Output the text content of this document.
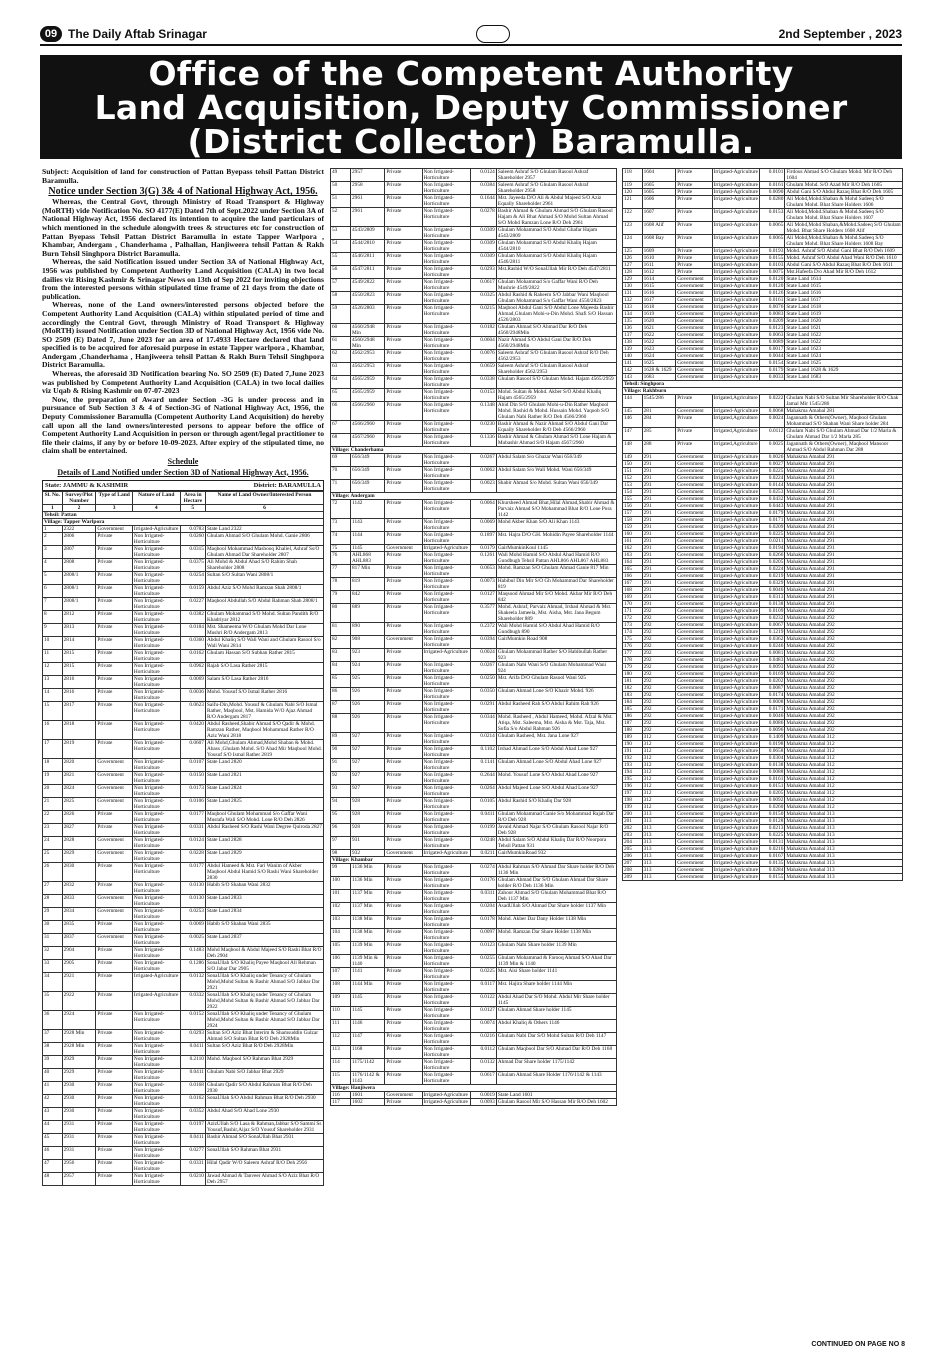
09 The Daily Aftab Srinagar	2nd September , 2023
Office of the Competent Authority
Land Acquisition, Deputy Commissioner
(District Collector) Baramulla.
Subject: Acquisition of land for construction of Pattan Byepass tehsil Pattan District Baramulla.
Notice under Section 3(G) 3& 4 of National Highway Act, 1956.

Whereas, the Central Govt, through Ministry of Road Transport & Highway (MoRTH) vide Notification No. SO 4177(E) Dated 7th of Sept.2022 under Section 3A of National Highway Act, 1956 declared its intention to acquire the land particulars of which mentioned in the schedule alongwith trees & structures etc for construction of Pattan Byepass Tehsil Pattan District Baramulla in estate Tapper Warlpora , Khambar, Andergam , Chanderhama , Palhallan, Hanjiweera tehsil Pattan & Rakh Burn Tehsil Singhpora District Baramulla.

Whereas, the said Notification issued under Section 3A of National Highway Act, 1956 was published by Competent Authority Land Acquisition (CALA) in two local dailies viz Rising Kashmir & Srinagar News on 13th of Sep 2022 for inviting objections from the interested persons within stipulated time frame of 21 days from the date of publication.

Whereas, none of the Land owners/interested persons objected before the Competent Authority Land Acquisition (CALA) within stipulated period of time and accordingly the Central Govt, through Ministry of Road Transport & Highway (MoRTH) issued Notification under Section 3D of National Highway Act, 1956 vide No. SO 2509 (E) Dated 7, June 2023 for an area of 17.4933 Hectare declared that land specified is to be acquired for aforesaid purpose in estate Tapper warlpora , Khambar, Andergam ,Chanderhama , Hanjiweera tehsil Pattan & Rakh Burn Tehsil Singhpora District Baramulla.

Whereas, the aforesaid 3D Notification bearing No. SO 2509 (E) Dated 7,June 2023 was published by Competent Authority Land Acquisition (CALA) in two local dailies viz Uqab & Rising Kashmir on 07-07-2023

Now, the preparation of Award under Section -3G is under process and in pursuance of Sub Section 3 & 4 of Section-3G of National Highway Act, 1956, the Deputy Commissioner Baramulla (Competent Authority Land Acquisition) do hereby call upon all the land owners/interested persons to appear before the office of Competent Authority Land Acquisition in person or through agent/legal practitioner to file their claims, if any by or before 10-09-2023. After expiry of the stipulated time, no claim shall be entertained.

Schedule
Details of Land Notified under Section 3D of National Highway Act, 1956.
State: JAMMU & KASHMIR	District: BARAMULLA
Sl. No.	Survey/Plot Number	Type of Land	Nature of Land	Area in Hectare	Name of Land Owner/Interested Person
1	2	3	4	5	6
Tehsil: Pattan					
Village: Tapper Warlpora					
1	2322	Government	Irrigated-Agriculture	0.0783	State Land 2322
2	2806	Private	Non Irrigated-Horticulture	0.0260	Ghulam Ahmad S/O Ghulam Mohd. Ganie 2806
3	2807	Private	Non Irrigated-Horticulture	0.0315	Maqbool Mohammad Mashooq Khaliel, Ashraf Ss/O Ghulam Ahmad Dar Shareholder 2807
4	2808	Private	Non Irrigated-Horticulture	0.0375	Ali Mohd & Abdul Ahad S/O Rahim Shah Shareholder 2808
5	2808/1	Private	Non Irrigated-Horticulture	0.0254	Sultan S/O Sultan Wani 2808/1
6	2808/1	Private	Non Irrigated-Horticulture	0.0159	Abdul Aziz S/O Mohd Ramzan Shah 2808/1
7	2808/1	Private	Non Irrigated-Horticulture	0.0227	Maqbool Abdullah S/O Abdul Rahman Shah 2808/1
8	2812	Private	Non Irrigated-Horticulture	0.0382	Ghulam Mohammad S/O Mohd. Sultan Pandith R/O Khadriyar 2812
9	2813	Private	Non Irrigated-Horticulture	0.0184	Mst. Shameema W/O Ghulam Mohd Dar Lone Mushri R/O Andergam 2813
10	2814	Private	Non Irrigated-Horticulture	0.0360	Abdul Khaliq S/O Wali Wani and Ghulam Rasool S/o Wali Wani 2814
11	2815	Private	Non Irrigated-Horticulture	0.0162	Ghulam Hassan S/O Subhan Rather 2815
12	2815	Private	Non Irrigated-Horticulture	0.0962	Rajab S/O Lasa Rather 2815
13	2816	Private	Non Irrigated-Horticulture	0.0069	Salam S/O Lasa Rather 2816
14	2816	Private	Non Irrigated-Horticulture	0.0036	Mohd. Yousuf S/O Ismal Rather 2816
15	2817	Private	Non Irrigated-Horticulture	0.0623	Saifu-Din,Mohd. Yousuf & Ghulam Nabi S/O Ismal Rather, Maqbool, Mst. Hamida W/O Ajaz Ahmad R/O Andergam 2817
16	2818	Private	Non Irrigated-Horticulture	0.0420	Abdul Rasheed,Shabir Ahmad S/O Qadir & Mohd. Ramzan Rather, Maqbool Mohammad Rather R/O Aziz Wani 2818
17	2819	Private	Non Irrigated-Horticulture	0.0607	Ali Mohd,Ghulam Ahmad,Mohd Shaban & Mohd. Abass ,Ghulam Mohd. S/O Ahad Mir Maqbool Mohd. Yousuf S/O Ismal Rather 2819
18	2820	Government	Non Irrigated-Horticulture	0.0107	State Land 2820
19	2821	Government	Non Irrigated-Horticulture	0.0150	State Land 2821
20	2824	Government	Non Irrigated-Horticulture	0.0173	State Land 2824
21	2825	Government	Non Irrigated-Horticulture	0.0106	State Land 2825
22	2826	Private	Non Irrigated-Horticulture	0.0177	Maqbool Ghulam Mohammad S/o Gaffar Wani Mustafa Wali S/O Mohd. Lone R/O Deh 2826
23	2827	Private	Non Irrigated-Horticulture	0.0331	Abdul Rasheed S/O Rashi Wani Degree Quiroda 2827
24	2828	Government	Non Irrigated-Horticulture	0.0124	State Land 2828
25	2829	Government	Non Irrigated-Horticulture	0.0228	State Land 2829
26	2830	Private	Non Irrigated-Horticulture	0.0177	Abdul Hameed & Mst. Fari Wanim of Akber Maqbool Abdul Hamid S/O Rashi Wani Shareholder 2830
27	2832	Private	Non Irrigated-Horticulture	0.0130	Habib S/O Shaban Wani 2832
28	2833	Government	Non Irrigated-Horticulture	0.0130	State Land 2833
29	2834	Government	Non Irrigated-Horticulture	0.0253	State Land 2834
30	2835	Private	Non Irrigated-Horticulture	0.0069	Habib S/O Shaban Wani 2835
31	2837	Government	Non Irrigated-Horticulture	0.0025	State Land 2837
32	2904	Private	Non Irrigated-Horticulture	0.1483	Mohd Maqbool & Abdul Majeed S/O Rashi Bhat R/O Deh 2904
33	2905	Private	Non Irrigated-Horticulture	0.1286	SonaUllah S/O Khaliq Payee Maqbool Ali Rehman S/O Jabar Dar 2905
34	2921	Private	Irrigated-Agriculture	0.0132	SonaUllah S/O Khaliq under Tenancy of Ghulam Mohd,Mohd Sultan & Bashir Ahmad S/O Jabbar Dar 2921
35	2922	Private	Irrigated-Agriculture	0.0332	SonaUllah S/O Khaliq under Tenancy of Ghulam Mohd,Mohd Sultan & Bashir Ahmad S/O Jabbar Dar 2922
36	2924	Private	Non Irrigated-Horticulture	0.0152	SonaUllah S/O Khaliq under Tenancy of Ghulam Mohd,Mohd Sultan & Bashir Ahmad S/O Jabbar Dar 2924
37	2928 Min	Private	Non Irrigated-Horticulture	0.0293	Sultan S/O Aziz Bhat Interim & Shamsuddin Gulzar Ahmad S/O Sultan Bhat R/O Deh 2928Min
38	2928 Min	Private	Non Irrigated-Horticulture	0.0411	Sultan S/O Aziz Bhat R/O Deh 2928Min
39	2929	Private	Non Irrigated-Horticulture	0.2110	Mohd. Maqbool S/O Rahman Bhat 2929
40	2929	Private	Non Irrigated-Horticulture	0.0411	Ghulam Nabi S/O Jabbar Bhat 2929
41	2930	Private	Non Irrigated-Horticulture	0.0168	Ghulam Qadir S/O Abdul Rahman Bhat R/O Deh 2930
42	2930	Private	Non Irrigated-Horticulture	0.0162	SonaUllah S/O Abdul Rahman Bhat R/O Deh 2930
43	2930	Private	Non Irrigated-Horticulture	0.0352	Abdul Ahad S/O Ahad Lone 2930
44	2931	Private	Non Irrigated-Horticulture	0.0197	AzizUllah S/O Lasa & Rahman,Jabbar S/O Sammi Ss Yousuf,Bashir,Aijaz S/O Yousuf Shareholder 2931
45	2931	Private	Non Irrigated-Horticulture	0.0411	Bashir Ahmad S/O SonaUllah Bhat 2931
46	2931	Private	Non Irrigated-Horticulture	0.0277	SonaUllah S/O Rahman Bhat 2931
47	2956	Private	Non Irrigated-Horticulture	0.0331	Hilal Qadir W/O Saleem Ashraf R/O Deh 2956
48	2957	Private	Non Irrigated-Horticulture	0.0210	Jawad Ahmad & Tanveer Ahmad S/O Aziz Bhat R/O Deh 2957
49	2957	Private	Non Irrigated-Horticulture	0.0124	Saleem Ashraf S/O Ghulam Rasool Ashraf Shareholder 2957
50	2958	Private	Non Irrigated-Horticulture	0.0384	Saleem Ashraf S/O Ghulam Rasool Ashraf Shareholder 2958
51	2961	Private	Non Irrigated-Horticulture	0.1644	Mst. Jayeeda D/O Ali & Abdul Majeed S/O Aziz Equally Shareholder 2961
52	2961	Private	Non Irrigated-Horticulture	0.0278	Bashir Ahmad & Ghulam Ahmad S/O Ghulam Rasool Hajam & Ali Bhat Ahmad S/O Mohd Sultan Ahmad S/O Mohd Ramzan Lone R/O Deh 2961
53	4543/2809	Private	Non Irrigated-Horticulture	0.0309	Ghulam Mohammad S/O Abdul Ghafar Hajam 4543/2809
54	4544/2810	Private	Non Irrigated-Horticulture	0.0309	Ghulam Mohammad S/O Abdul Khaliq Hajam 4544/2810
55	4546/2811	Private	Non Irrigated-Horticulture	0.0309	Ghulam Mohammad S/O Abdul Khaliq Hajam 4546/2811
56	4547/2811	Private	Non Irrigated-Horticulture	0.0293	Mst.Rashid W/O SonaUllah Mir R/O Deh 4547/2811
57	4549/2822	Private	Non Irrigated-Horticulture	0.0617	Ghulam Mohammad S/o Gaffar Wani R/O Deh Mushrie 4549/2822
58	4550/2823	Private	Non Irrigated-Horticulture	0.0325	Abdul Rashid & Raheem S/O Jabbar Wani Maqbool Ghulam Mohammad S/o Gaffar Wani 4550/2823
59	4526/2803	Private	Non Irrigated-Horticulture	0.0215	Maqbool Abdul Gani S/O Abdul Lone Majeeda Bashir Ahmad,Ghulam Mohi-u-Din Mohd. Shafi S/O Hassan 4526/2803
60	4560/2948 Min	Private	Non Irrigated-Horticulture	0.0182	Ghulam Ahmad S/O Ahmad Dar R/O Deh 4560/2948Min
61	4560/2948 Min	Private	Non Irrigated-Horticulture	0.0604	Nazir Ahmad S/O Abdul Gani Dar R/O Deh 4560/2948Min
62	4562/2953	Private	Non Irrigated-Horticulture	0.0076	Saleem Ashraf S/O Ghulam Rasool Ashraf R/O Deh 4562/2953
63	4562/2953	Private	Non Irrigated-Horticulture	0.0659	Saleem Ashraf S/O Ghulam Rasool Ashraf Shareholder 4562/2953
64	4565/2959	Private	Non Irrigated-Horticulture	0.0338	Ghulam Rasool S/O Ghulam Mohd. Hajam 4565/2959
65	4565/2959	Private	Non Irrigated-Horticulture	0.0153	Mohd. Sultan & Mohd. Akber S/O Abdul Khaliq Hajam 4565/2959
66	4566/2960	Private	Non Irrigated-Horticulture	0.1348	Abid Din S/O Ghulam Mohi-u-Din Rather Maqbool Mohd. Rashid & Mohd. Hussain Mohd. Yaqoob S/O Ghulam Nabi Rather R/O Deh 4566/2960
67	4566/2960	Private	Non Irrigated-Horticulture	0.0230	Bashir Ahmad & Nazir Ahmad S/O Abdul Gani Dar Equally Shareholder R/O Deh 4566/2960
68	4567/2960	Private	Non Irrigated-Horticulture	0.1336	Bashir Ahmad & Ghulam Ahmad S/O Lone Hajam & Mubashir Ahmad S/O Hajam 4567/2960
Village: Chanderhama					
69	656/349	Private	Non Irrigated-Horticulture	0.0267	Abdul Salam S/o Ghazar Wani 656/349
70	656/349	Private	Non Irrigated-Horticulture	0.0062	Abdul Salam S/o Wali Mohd. Wani 656/349
71	656/349	Private	Non Irrigated-Horticulture	0.0023	Shabir Ahmad S/o Mohd. Sultan Wani 656/349
Village: Andergam					
72	1142	Private	Non Irrigated-Horticulture	0.0064	Khursheed Ahmad Bhat,Hilal Ahmad,Shabir Ahmad & Parvaiz Ahmad S/O Mohammad Bhat R/O Lone Pora 1142
73	1143	Private	Non Irrigated-Horticulture	0.0069	Mohd Akber Khan S/O Ali Khan 1143
74	1144	Private	Non Irrigated-Horticulture	0.1897	Mst. Hajra D/O GH. Mohidin Payee Shareholder 1144
75	1145	Government	Irrigated-Agriculture	0.0179	GairMumkinKoul 1145
76	AHL868 AHL883	Private	Non Irrigated-Horticulture	0.1261	Wali Mohd Hamid S/O Abdul Ahad Hamid R/O Gundbugh Tehsil Pattan AHL866 AHL867 AHL883
77	817 Min	Private	Non Irrigated-Horticulture	0.0653	Mohd. Ramzan S/O Ghulam Ahmad Ganie 817 Min
78	819	Private	Non Irrigated-Horticulture	0.0073	Habibul Din Mir S/O Gh Mohammad Dar Shareholder 819
79	842	Private	Non Irrigated-Horticulture	0.0127	Maqsood Ahmad Mir S/O Mohd. Akbar Mir R/O Deh 842
80	889	Private	Non Irrigated-Horticulture	0.3577	Mohd. Ashraf, Parvaiz Ahmad, Irshad Ahmad & Mst. Shakeela Jameela, Mst. Aisha, Mst. Jana Begum Shareholder 889
81	890	Private	Non Irrigated-Horticulture	0.2372	Wali Mohd Hamid S/O Abdul Ahad Hamid R/O Gundbugh 890
82	908	Government	Non Irrigated-Horticulture	0.0394	GairMumkin Road 908
83	923	Private	Irrigated-Agriculture	0.0024	Ghulam Mohammad Rather S/O Habibullah Rather 923
84	924	Private	Non Irrigated-Horticulture	0.0267	Ghulam Nabi Wani S/O Ghulam Mohammad Wani 924
85	925	Private	Non Irrigated-Horticulture	0.0250	Mst. Arifa D/O Ghulam Rasool Wani 925
86	926	Private	Non Irrigated-Horticulture	0.0350	Ghulam Ahmad Lone S/O Khazir Mohd. 926
87	926	Private	Non Irrigated-Horticulture	0.0291	Abdul Rasheed Rah S/O Abdul Rahim Rah 926
88	926	Private	Non Irrigated-Horticulture	0.0344	Mohd. Rasheed , Abdul Hameed, Mohd. Afzal & Mst. Atiqa, Mst. Saleema, Mst. Aisha & Mst. Taja, Mst. Sofia S/o Abdul Rahman 926
89	927	Private	Non Irrigated-Horticulture	0.0214	Ghulam Rasheed, Mst. Jana Lone 927
90	927	Private	Non Irrigated-Horticulture	0.1102	Irshad Ahmad Lone S/O Abdul Ahad Lone 927
91	927	Private	Non Irrigated-Horticulture	0.1141	Ghulam Ahmad Lone S/O Abdul Ahad Lone 927
92	927	Private	Non Irrigated-Horticulture	0.2644	Mohd. Yousuf Lone S/O Abdul Ahad Lone 927
93	927	Private	Non Irrigated-Horticulture	0.0264	Abdul Majeed Lone S/O Abdul Ahad Lone 927
94	928	Private	Non Irrigated-Horticulture	0.0105	Abdul Rashid S/O Khaliq Dar 928
95	928	Private	Non Irrigated-Horticulture	0.0411	Ghulam Mohammad Ganie S/o Mohammad Rajab Dar R/O Deh 928
96	928	Private	Non Irrigated-Horticulture	0.0199	Javaid Ahmad Najar S/O Ghulam Rasool Najar R/O Deh 928
97	931	Private	Non Irrigated-Horticulture	0.0248	Abdul Salam S/O Abdul Khaliq Dar R/O Noorpora Tehsil Pattan 931
98	932	Government	Irrigated-Agriculture	0.0211	GairMumkinRoad 932
Village: Khambar					
99	1136 Min	Private	Non Irrigated-Horticulture	0.0274	Abdul Rahman S/O Ahmad Dar Share holder R/O Deh 1136 Min
100	1136 Min	Private	Non Irrigated-Horticulture	0.0176	Ghulam Ahmad Dar S/O Ghulam Ahmad Dar Share holder R/O Deh 1136 Min
101	1137 Min	Private	Non Irrigated-Horticulture	0.0311	Zahoor Ahmad S/O Ghulam Mohammad Bhat R/O Deh 1137 Min
102	1137 Min	Private	Non Irrigated-Horticulture	0.0204	AsadUllah S/O Ahmad Dar Share holder 1137 Min
103	1138 Min	Private	Non Irrigated-Horticulture	0.0178	Mohd. Akber Dar Dany Holder 1138 Min
104	1138 Min	Private	Non Irrigated-Horticulture	0.0097	Mohd. Ramzan Dar Share Holder 1138 Min
105	1139 Min	Private	Non Irrigated-Horticulture	0.0123	Ghulam Nabi Share holder 1139 Min
106	1139 Min & 1140	Private	Non Irrigated-Horticulture	0.0255	Ghulam Mohammad & Farooq Ahmad S/O Ahad Dar 1139 Min & 1140
107	1141	Private	Non Irrigated-Horticulture	0.0225	Mst. Aisi Share holder 1141
108	1144 Min	Private	Non Irrigated-Horticulture	0.0117	Mst. Hajira Share holder 1144 Min
109	1145	Private	Non Irrigated-Horticulture	0.0122	Abdul Ahad Dar S/O Mohd. Abdul Mir Share holder 1145
110	1145	Private	Non Irrigated-Horticulture	0.0127	Ghulam Ahmad Share holder 1145
111	1146	Private	Non Irrigated-Horticulture	0.0074	Abdul Khaliq & Others 1146
112	1147	Private	Non Irrigated-Horticulture	0.0216	Ghulam Nabi Dar S/O Mohd Sultan R/O Deh 1147
113	1168	Private	Non Irrigated-Horticulture	0.0112	Ghulam Maqbool Dar S/O Ahmad Dar R/O Deh 1168
114	1175/1142	Private	Non Irrigated-Horticulture	0.0132	Ahmad Dar Share holder 1175/1142
115	1176/1142 & 1143	Private	Non Irrigated-Horticulture	0.0617	Ghulam Ahmad Share Holder 1176/1142 & 1143
Village: Hanjiwera					
116	1601	Government	Irrigated-Agriculture	0.0019	State Land 1601
117	1602	Private	Irrigated-Agriculture	0.0093	Ghulam Rasool Mir S/O Hassan Mir R/O Deh 1602
118	1604	Private	Irrigated-Agriculture	0.0101	Firdous Ahmad S/O Ghulam Mohd. Mir R/O Deh 1604
119	1605	Private	Irrigated-Agriculture	0.0161	Ghulam Mohd. S/O Azad Mir R/O Deh 1605
120	1605	Private	Irrigated-Agriculture	0.0090	Abdul Gani S/O Abdul Razaq Bhat R/O Deh 1605
121	1606	Private	Irrigated-Agriculture	0.0280	Ali Mohd,Mohd.Shaban & Mohd Sadeeq S/O Ghulam Mohd. Bhat Share Holders 1606
122	1607	Private	Irrigated-Agriculture	0.0153	Ali Mohd,Mohd.Shaban & Mohd.Sadeeq S/O Ghulam Mohd. Bhat Share Holders 1607
123	1608 Alif	Private	Irrigated-Agriculture	0.0065	Ali Mohd,Mohd Shaban,&Mohd.Sadeeq S/O Ghulam Mohd. Bhat Share Holders 1608 Alif
124	1608 Bay	Private	Irrigated-Agriculture	0.0065	Ali Mohd,Mohd.Shaban & Mohd.Sadeeq S/O Ghulam Mohd. Bhat Share Holders 1608 Bay
125	1609	Private	Irrigated-Agriculture	0.0193	Mohd. Ashraf S/O Abdul Gani Bhat R/O Deh 1609
126	1610	Private	Irrigated-Agriculture	0.0155	Mohd. Ashraf S/O Abdul Ahad Wani R/O Deh 1610
127	1611	Private	Irrigated-Agriculture	0.0103	Abdul Gani S/O Abdul Razaq Bhat R/O Deh 1611
128	1612	Private	Irrigated-Agriculture	0.0075	Mst.Hafeefa D/o Ahad Mir R/O Deh 1612
129	1614	Government	Irrigated-Agriculture	0.0120	State Land 1614
130	1615	Government	Irrigated-Agriculture	0.0120	State Land 1615
131	1616	Government	Irrigated-Agriculture	0.0126	State Land 1616
132	1617	Government	Irrigated-Agriculture	0.0161	State Land 1617
133	1618	Government	Irrigated-Agriculture	0.0076	State Land 1618
134	1619	Government	Irrigated-Agriculture	0.0083	State Land 1619
135	1620	Government	Irrigated-Agriculture	0.0209	State Land 1620
136	1621	Government	Irrigated-Agriculture	0.0123	State Land 1621
137	1622	Government	Irrigated-Agriculture	0.0063	State Land 1622
138	1622	Government	Irrigated-Agriculture	0.0089	State Land 1622
139	1623	Government	Irrigated-Agriculture	0.0017	State Land 1623
140	1624	Government	Irrigated-Agriculture	0.0044	State Land 1624
141	1625	Government	Irrigated-Agriculture	0.0154	State Land 1625
142	1628 & 1629	Government	Irrigated-Agriculture	0.0179	State Land 1628 & 1629
143	1683	Government	Irrigated-Agriculture	0.0033	State Land 1683
Tehsil: Singhpora					
Village: Rakhburn					
144	1545/286	Private	Irrigated,Agriculture	0.0222	Ghulam Nabi S/O Sultan Mir Shareholder R/O Chak Jamal Mir 1545/286
145	281	Government	Irrigated-Agriculture	0.0068	Mahakma Amabal 281
146	284	Private	Irrigated,Agriculture	0.0024	Jagannath & Others(Owner), Maqbool Ghulam Mohammad S/O Shaban Wani Share holder 284
147	285	Private	Irrigated,Agriculture	0.0112	Ghulam Nabi S/O Ghulam Ahmad Dar 1/2 Marla & Ghulam Ahmad Dar 1/2 Marla 285
148	288	Private	Irrigated,Agriculture	0.0025	Jagannath & Others(Owner), Maqbool Mansoor Ahmad S/O Abdul Rahman Dar 288
149	291	Government	Irrigated-Agriculture	0.0026	Mahakma Amabal 291
150	291	Government	Irrigated-Agriculture	0.0027	Mahakma Amabal 291
151	291	Government	Irrigated-Agriculture	0.0225	Mahakma Amabal 291
152	291	Government	Irrigated-Agriculture	0.0224	Mahakma Amabal 291
153	291	Government	Irrigated-Agriculture	0.0144	Mahakma Amabal 291
154	291	Government	Irrigated-Agriculture	0.0253	Mahakma Amabal 291
155	291	Government	Irrigated-Agriculture	0.0432	Mahakma Amabal 291
156	291	Government	Irrigated-Agriculture	0.0443	Mahakma Amabal 291
157	291	Government	Irrigated-Agriculture	0.0179	Mahakma Amabal 291
158	291	Government	Irrigated-Agriculture	0.0171	Mahakma Amabal 291
159	291	Government	Irrigated-Agriculture	0.0209	Mahakma Amabal 291
160	291	Government	Irrigated-Agriculture	0.0225	Mahakma Amabal 291
161	291	Government	Irrigated-Agriculture	0.0211	Mahakma Amabal 291
162	291	Government	Irrigated-Agriculture	0.0194	Mahakma Amabal 291
163	291	Government	Irrigated-Agriculture	0.0266	Mahakma Amabal 291
164	291	Government	Irrigated-Agriculture	0.0205	Mahakma Amabal 291
165	291	Government	Irrigated-Agriculture	0.0224	Mahakma Amabal 291
166	291	Government	Irrigated-Agriculture	0.0219	Mahakma Amabal 291
167	291	Government	Irrigated-Agriculture	0.0329	Mahakma Amabal 291
168	291	Government	Irrigated-Agriculture	0.0046	Mahakma Amabal 291
169	291	Government	Irrigated-Agriculture	0.0313	Mahakma Amabal 291
170	291	Government	Irrigated-Agriculture	0.0138	Mahakma Amabal 291
171	292	Government	Irrigated-Agriculture	0.0109	Mahakma Amabal 292
172	292	Government	Irrigated-Agriculture	0.0232	Mahakma Amabal 292
173	292	Government	Irrigated-Agriculture	0.0067	Mahakma Amabal 292
174	292	Government	Irrigated-Agriculture	0.1219	Mahakma Amabal 292
175	292	Government	Irrigated-Agriculture	0.0362	Mahakma Amabal 292
176	292	Government	Irrigated-Agriculture	0.0246	Mahakma Amabal 292
177	292	Government	Irrigated-Agriculture	0.0081	Mahakma Amabal 292
178	292	Government	Irrigated-Agriculture	0.0483	Mahakma Amabal 292
179	292	Government	Irrigated-Agriculture	0.0093	Mahakma Amabal 292
180	292	Government	Irrigated-Agriculture	0.0169	Mahakma Amabal 292
181	292	Government	Irrigated-Agriculture	0.0202	Mahakma Amabal 292
182	292	Government	Irrigated-Agriculture	0.0087	Mahakma Amabal 292
183	292	Government	Irrigated-Agriculture	0.0174	Mahakma Amabal 292
184	292	Government	Irrigated-Agriculture	0.0008	Mahakma Amabal 292
185	292	Government	Irrigated-Agriculture	0.0171	Mahakma Amabal 292
186	292	Government	Irrigated-Agriculture	0.0046	Mahakma Amabal 292
187	292	Government	Irrigated-Agriculture	0.0086	Mahakma Amabal 292
188	292	Government	Irrigated-Agriculture	0.0096	Mahakma Amabal 292
189	312	Government	Irrigated-Agriculture	0.1409	Mahakma Amabal 312
190	312	Government	Irrigated-Agriculture	0.0198	Mahakma Amabal 312
191	312	Government	Irrigated-Agriculture	0.0658	Mahakma Amabal 312
192	312	Government	Irrigated-Agriculture	0.0304	Mahakma Amabal 312
193	312	Government	Irrigated-Agriculture	0.0138	Mahakma Amabal 312
194	312	Government	Irrigated-Agriculture	0.0088	Mahakma Amabal 312
195	312	Government	Irrigated-Agriculture	0.0161	Mahakma Amabal 312
196	312	Government	Irrigated-Agriculture	0.0151	Mahakma Amabal 312
197	312	Government	Irrigated-Agriculture	0.0205	Mahakma Amabal 312
198	312	Government	Irrigated-Agriculture	0.0092	Mahakma Amabal 312
199	312	Government	Irrigated-Agriculture	0.0260	Mahakma Amabal 312
200	313	Government	Irrigated-Agriculture	0.0150	Mahakma Amabal 313
201	313	Government	Irrigated-Agriculture	0.0128	Mahakma Amabal 313
202	313	Government	Irrigated-Agriculture	0.0213	Mahakma Amabal 313
203	313	Government	Irrigated-Agriculture	0.0225	Mahakma Amabal 313
204	313	Government	Irrigated-Agriculture	0.0131	Mahakma Amabal 313
205	313	Government	Irrigated-Agriculture	0.0216	Mahakma Amabal 313
206	313	Government	Irrigated-Agriculture	0.0167	Mahakma Amabal 313
207	313	Government	Irrigated-Agriculture	0.0135	Mahakma Amabal 313
208	313	Government	Irrigated-Agriculture	0.0284	Mahakma Amabal 313
209	313	Government	Irrigated-Agriculture	0.0155	Mahakma Amabal 313
CONTINUED ON PAGE NO 8
